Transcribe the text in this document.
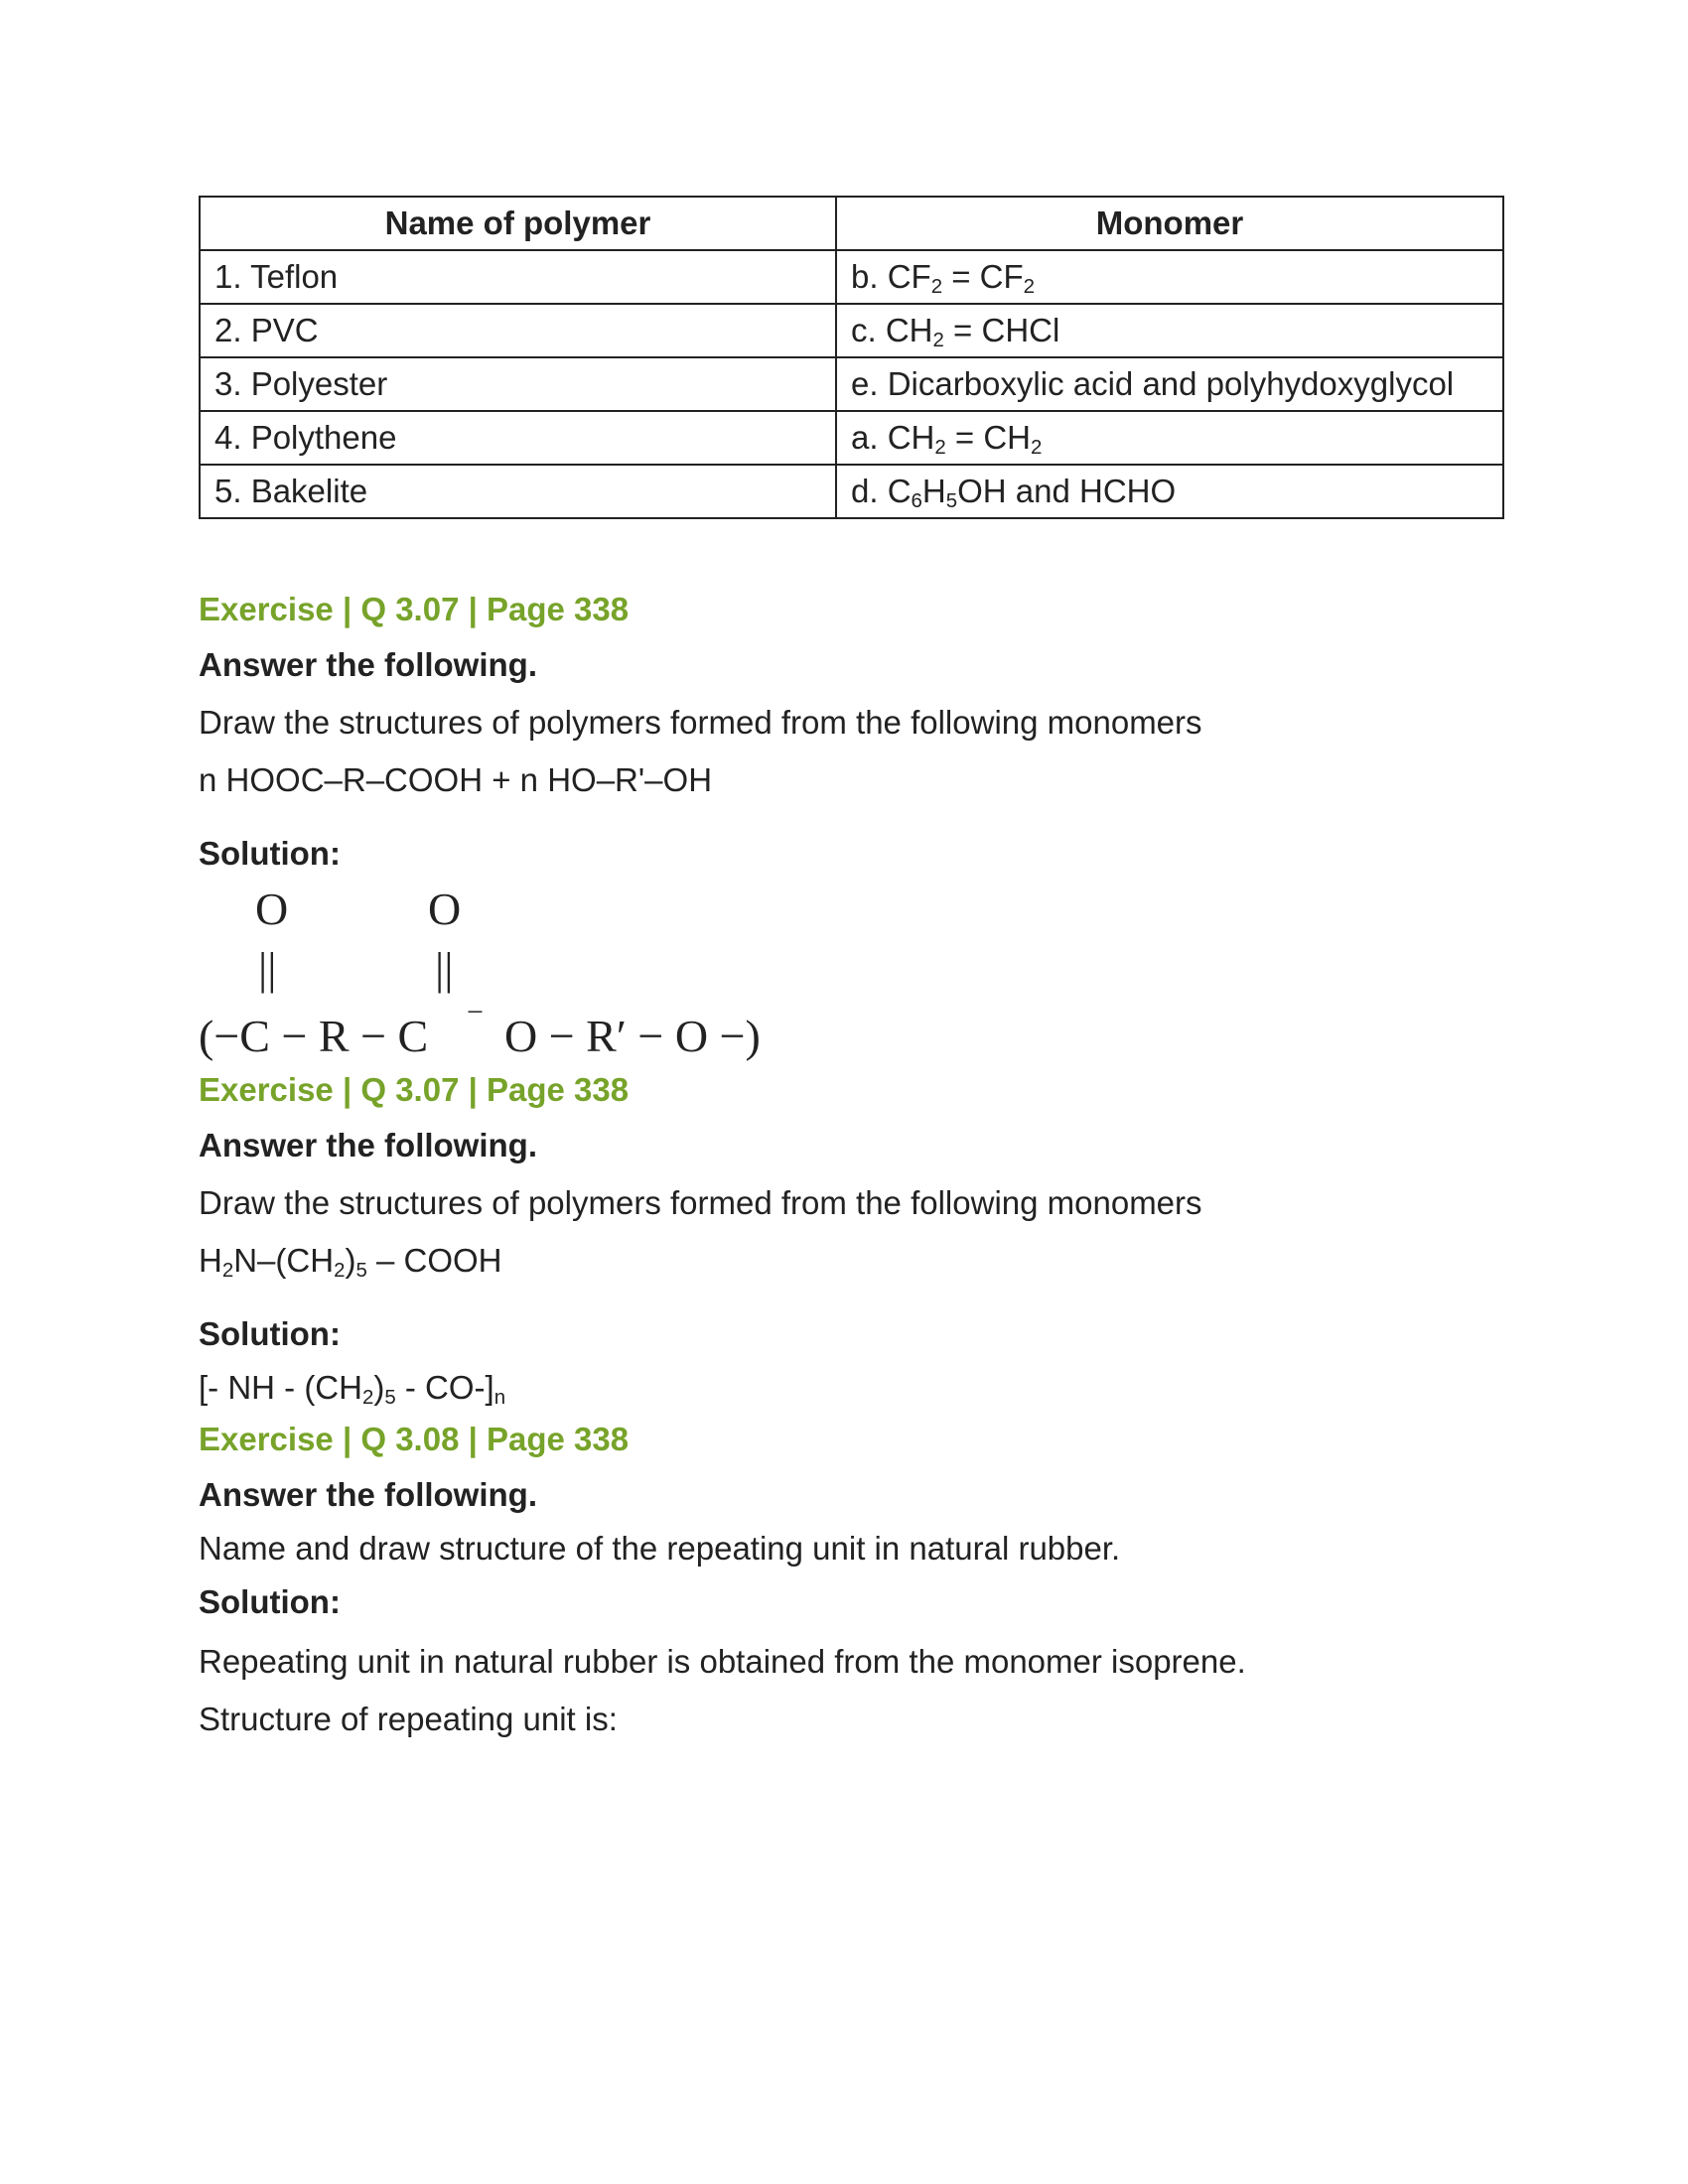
Name of polymer	Monomer
1. Teflon	b. $CF_2 = CF_2$
2. PVC	c. $CH_2$ = CHCl
3. Polyester	e. Dicarboxylic acid and polyhydoxyglycol
4. Polythene	a. $CH_2 = CH_2$
5. Bakelite	d. $C_6H_5OH$ and HCHO

Exercise | Q 3.07 | Page 338

Answer the following.

Draw the structures of polymers formed from the following monomers

n HOOC–R–COOH + n HO–R'–OH

Solution:

O	O
||	||
(−C − R − C − O − R′ − O −)

Exercise | Q 3.07 | Page 338

Answer the following.

Draw the structures of polymers formed from the following monomers

$H_2N-(CH_2)_5$ – COOH

Solution:

[- NH - $(CH_2)_5 - CO-]_n$

Exercise | Q 3.08 | Page 338

Answer the following.

Name and draw structure of the repeating unit in natural rubber.

Solution:

Repeating unit in natural rubber is obtained from the monomer isoprene.

Structure of repeating unit is:
